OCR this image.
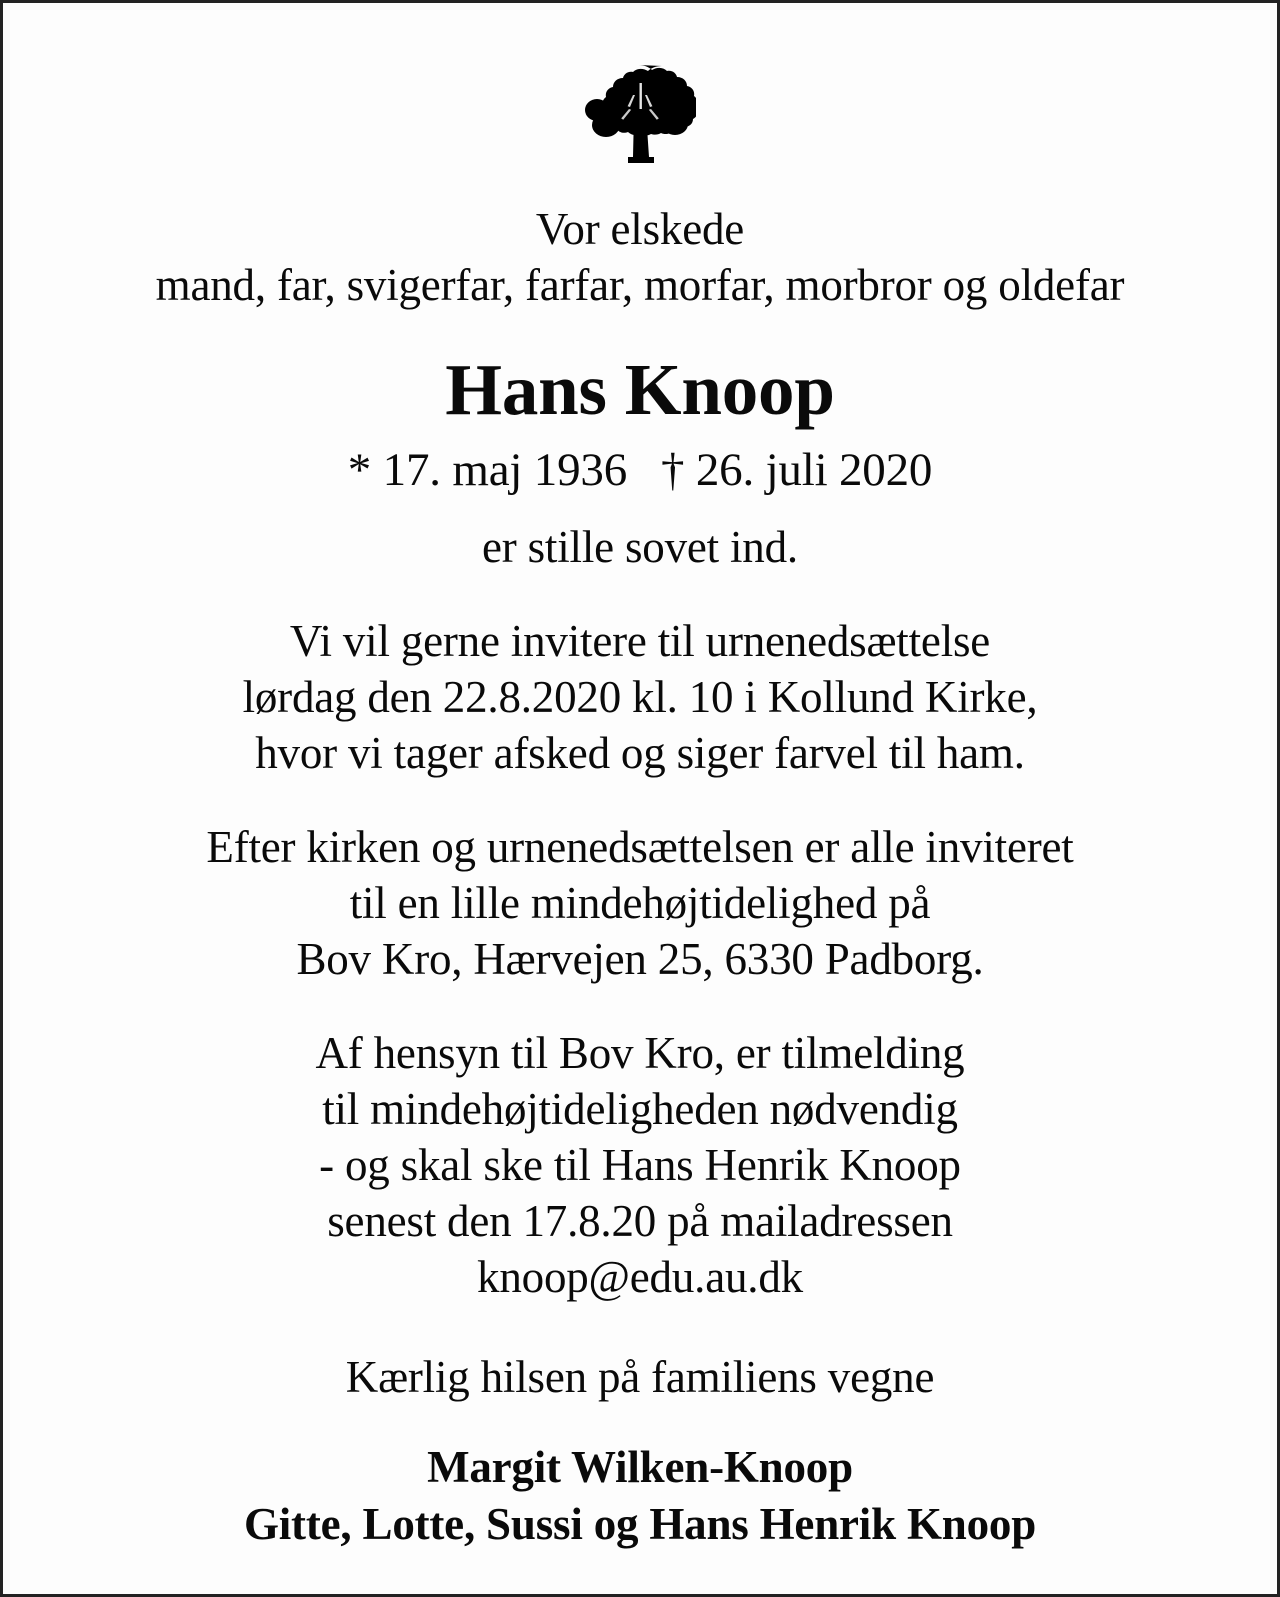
Vor elskede
mand, far, svigerfar, farfar, morfar, morbror og oldefar
Hans Knoop
* 17. maj 1936 † 26. juli 2020
er stille sovet ind.
Vi vil gerne invitere til urnenedsættelse
lørdag den 22.8.2020 kl. 10 i Kollund Kirke,
hvor vi tager afsked og siger farvel til ham.
Efter kirken og urnenedsættelsen er alle inviteret
til en lille mindehøjtidelighed på
Bov Kro, Hærvejen 25, 6330 Padborg.
Af hensyn til Bov Kro, er tilmelding
til mindehøjtideligheden nødvendig
- og skal ske til Hans Henrik Knoop
senest den 17.8.20 på mailadressen
knoop@edu.au.dk
Kærlig hilsen på familiens vegne
Margit Wilken-Knoop
Gitte, Lotte, Sussi og Hans Henrik Knoop
